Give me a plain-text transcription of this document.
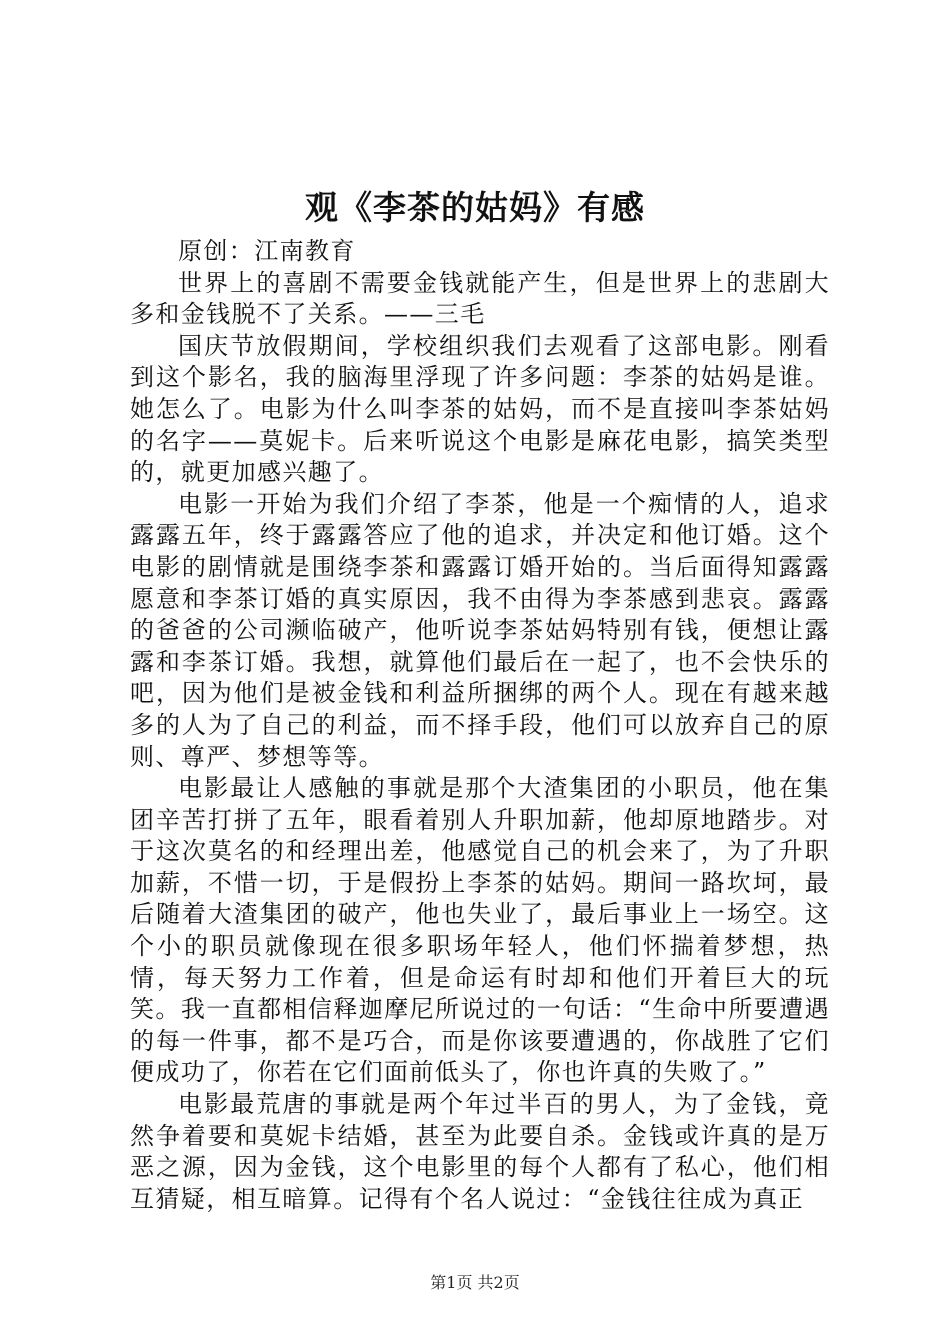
观《李茶的姑妈》有感

原创：江南教育

世界上的喜剧不需要金钱就能产生，但是世界上的悲剧大多和金钱脱不了关系。——三毛

国庆节放假期间，学校组织我们去观看了这部电影。刚看到这个影名，我的脑海里浮现了许多问题：李茶的姑妈是谁。她怎么了。电影为什么叫李茶的姑妈，而不是直接叫李茶姑妈的名字——莫妮卡。后来听说这个电影是麻花电影，搞笑类型的，就更加感兴趣了。

电影一开始为我们介绍了李茶，他是一个痴情的人，追求露露五年，终于露露答应了他的追求，并决定和他订婚。这个电影的剧情就是围绕李茶和露露订婚开始的。当后面得知露露愿意和李茶订婚的真实原因，我不由得为李茶感到悲哀。露露的爸爸的公司濒临破产，他听说李茶姑妈特别有钱，便想让露露和李茶订婚。我想，就算他们最后在一起了，也不会快乐的吧，因为他们是被金钱和利益所捆绑的两个人。现在有越来越多的人为了自己的利益，而不择手段，他们可以放弃自己的原则、尊严、梦想等等。

电影最让人感触的事就是那个大渣集团的小职员，他在集团辛苦打拼了五年，眼看着别人升职加薪，他却原地踏步。对于这次莫名的和经理出差，他感觉自己的机会来了，为了升职加薪，不惜一切，于是假扮上李茶的姑妈。期间一路坎坷，最后随着大渣集团的破产，他也失业了，最后事业上一场空。这个小的职员就像现在很多职场年轻人，他们怀揣着梦想，热情，每天努力工作着，但是命运有时却和他们开着巨大的玩笑。我一直都相信释迦摩尼所说过的一句话：“生命中所要遭遇的每一件事，都不是巧合，而是你该要遭遇的，你战胜了它们便成功了，你若在它们面前低头了，你也许真的失败了。”

电影最荒唐的事就是两个年过半百的男人，为了金钱，竟然争着要和莫妮卡结婚，甚至为此要自杀。金钱或许真的是万恶之源，因为金钱，这个电影里的每个人都有了私心，他们相互猜疑，相互暗算。记得有个名人说过：“金钱往往成为真正

第1页 共2页
